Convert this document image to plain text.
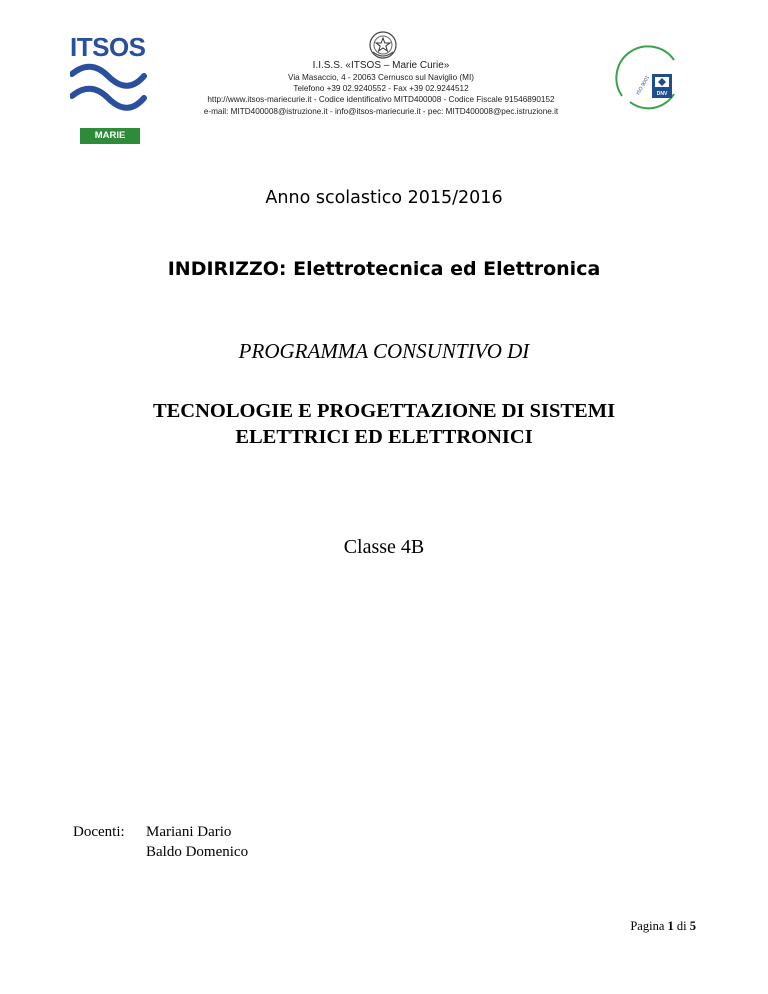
ITSOS
MARIE CURIE
I.I.S.S. «ITSOS – Marie Curie»
Via Masaccio, 4 - 20063 Cernusco sul Naviglio (MI)
Telefono +39 02.9240552 - Fax +39 02.9244512
http://www.itsos-mariecurie.it - Codice identificativo MITD400008 - Codice Fiscale 91546890152
e-mail: MITD400008@istruzione.it - info@itsos-mariecurie.it - pec: MITD400008@pec.istruzione.it
DNV
ISO 9001
Anno scolastico 2015/2016
INDIRIZZO: Elettrotecnica ed Elettronica
PROGRAMMA CONSUNTIVO DI
TECNOLOGIE E PROGETTAZIONE DI SISTEMI
ELETTRICI ED ELETTRONICI
Classe 4B
Docenti: Mariani Dario
Baldo Domenico
Pagina 1 di 5
